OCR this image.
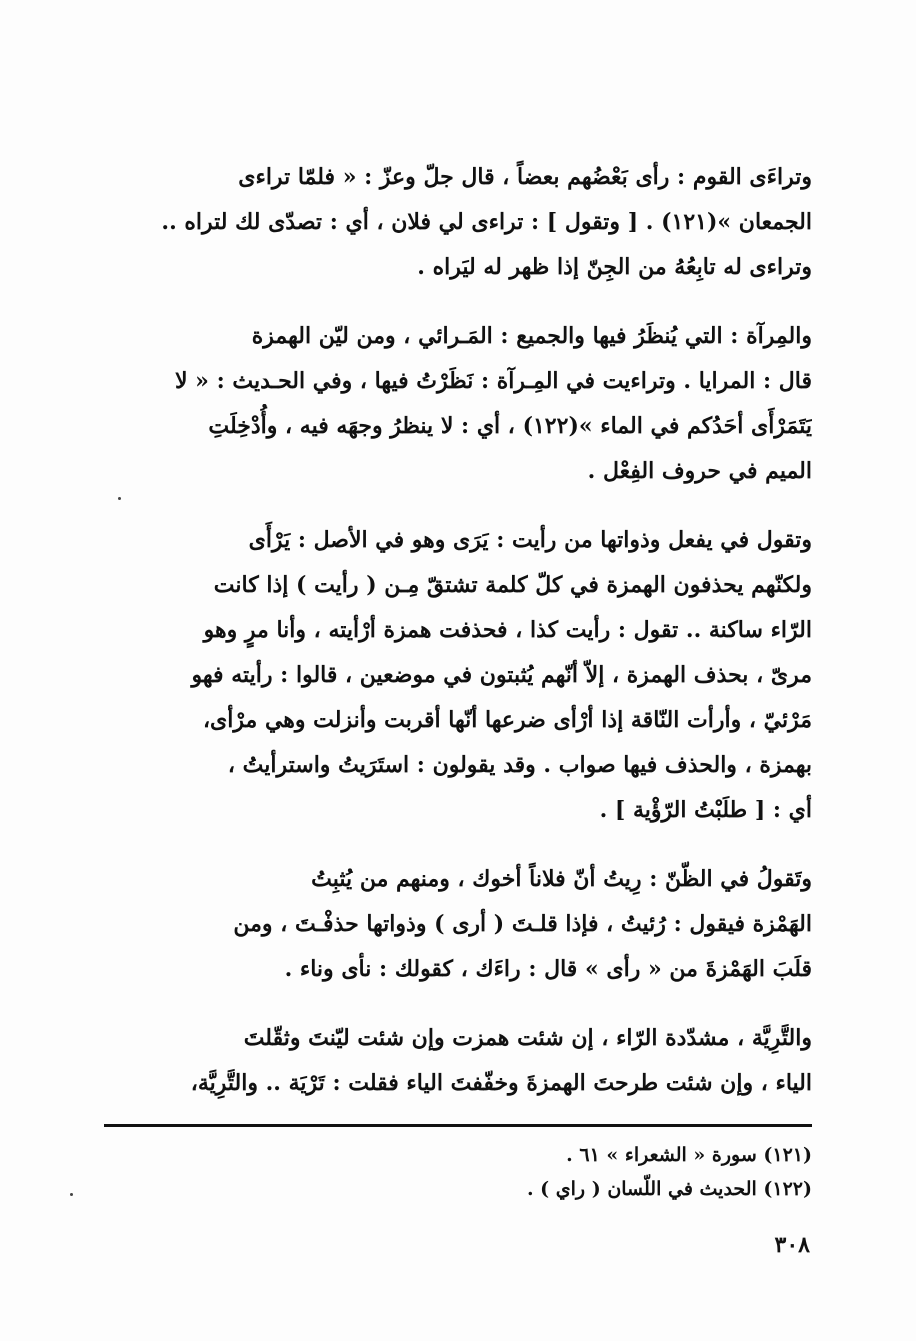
وتراءَى القوم : رأى بَعْضُهم بعضاً ، قال جلّ وعزّ : « فلمّا تراءى
الجمعان »(١٢١) . [ وتقول ] : تراءى لي فلان ، أي : تصدّى لك لتراه ..
وتراءى له تابِعُهُ من الجِنّ إذا ظهر له ليَراه .
والمِرآة : التي يُنظَرُ فيها والجميع : المَـرائي ، ومن ليّن الهمزة
قال : المرايا . وتراءيت في المِـرآة : نَظَرْتُ فيها ، وفي الحـديث : « لا
يَتَمَرْأَى أحَدُكم في الماء »(١٢٢) ، أي : لا ينظرُ وجهَه فيه ، وأُدْخِلَتِ
الميم في حروف الفِعْل .
وتقول في يفعل وذواتها من رأيت : يَرَى وهو في الأصل : يَرْأَى
ولكنّهم يحذفون الهمزة في كلّ كلمة تشتقّ مِـن ( رأيت ) إذا كانت
الرّاء ساكنة .. تقول : رأيت كذا ، فحذفت همزة أرْأيته ، وأنا مرٍ وهو
مرىّ ، بحذف الهمزة ، إلاّ أنّهم يُثبتون في موضعين ، قالوا : رأيته فهو
مَرْئيّ ، وأرأت النّاقة إذا أرْأى ضرعها أنّها أقربت وأنزلت وهي مرْأى،
بهمزة ، والحذف فيها صواب . وقد يقولون : استَرَيتُ واسترأيتُ ،
أي : [ طلَبْتُ الرّؤْية ] .
وتَقولُ في الظّنّ : رِيتُ أنّ فلاناً أخوك ، ومنهم من يُثبِتُ
الهَمْزة فيقول : رُئيتُ ، فإذا قلـتَ ( أرى ) وذواتها حذفْـتَ ، ومن
قلَبَ الهَمْزةَ من « رأى » قال : راءَك ، كقولك : نأى وناء .
والتَّرِيَّة ، مشدّدة الرّاء ، إن شئت همزت وإن شئت ليّنتَ وثقّلتَ
الياء ، وإن شئت طرحتَ الهمزةَ وخفّفتَ الياء فقلت : تَرْيَة .. والتَّرِيَّة،
(١٢١) سورة « الشعراء » ٦١ .
(١٢٢) الحديث في اللّسان ( راي ) .
٣٠٨
